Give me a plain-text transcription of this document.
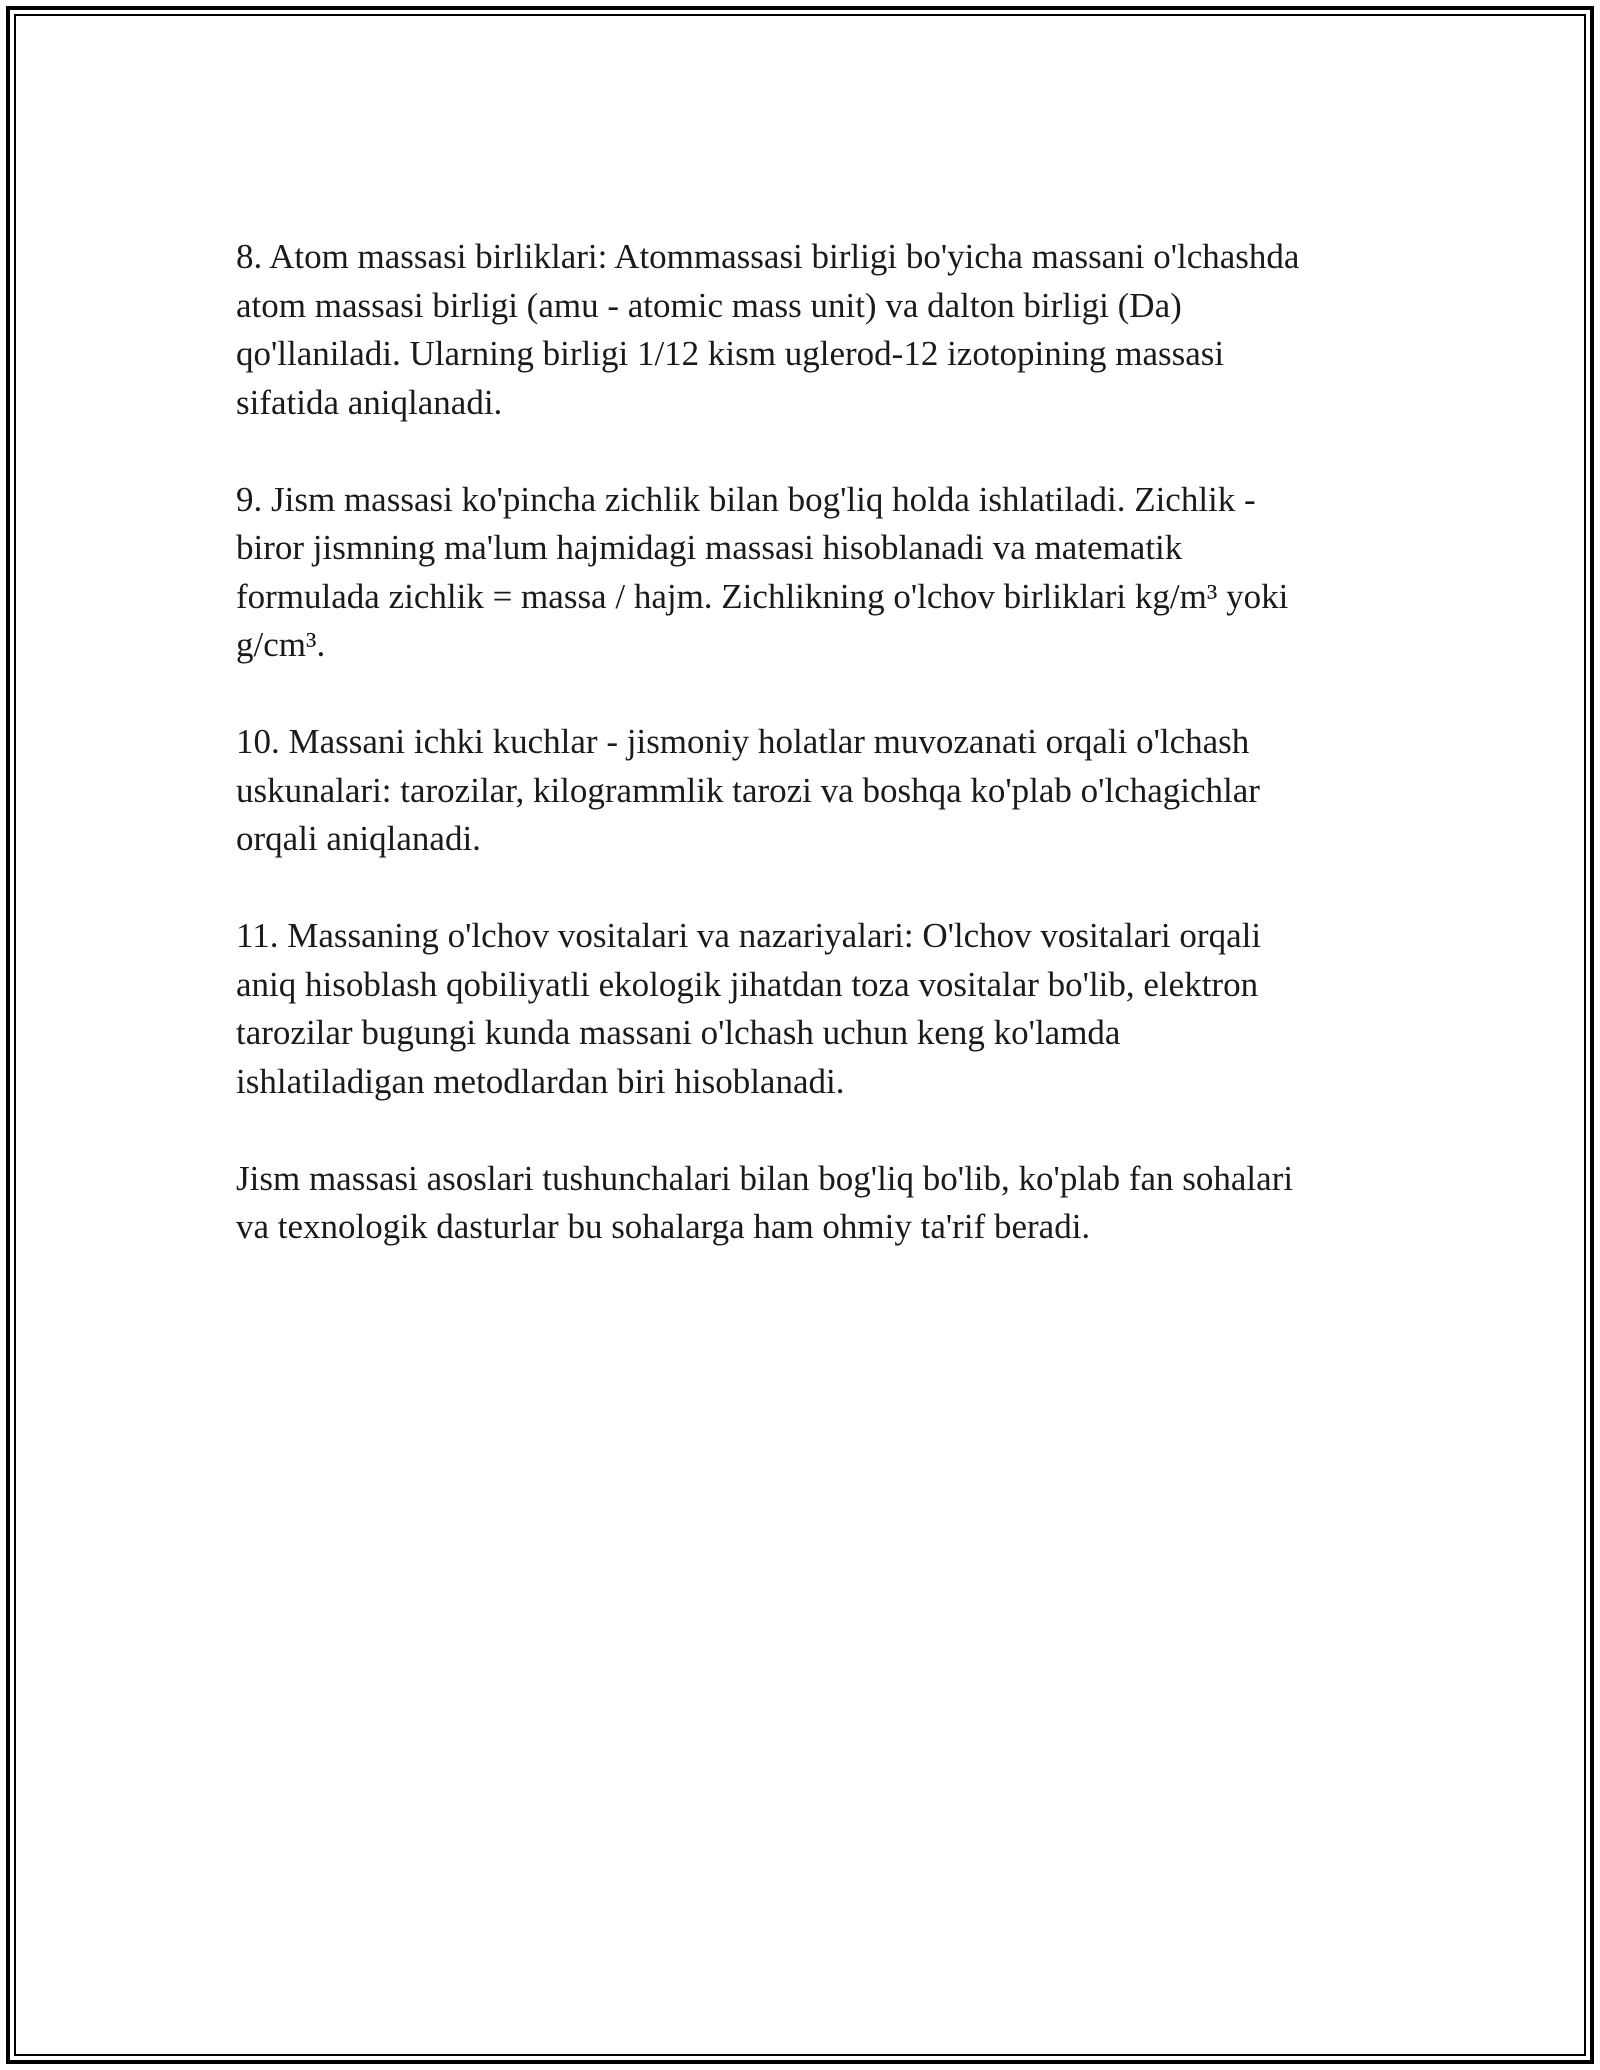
8. Atom massasi birliklari: Atommassasi birligi bo'yicha massani o'lchashda
atom massasi birligi (amu - atomic mass unit) va dalton birligi (Da)
qo'llaniladi. Ularning birligi 1/12 kism uglerod-12 izotopining massasi
sifatida aniqlanadi.
9. Jism massasi ko'pincha zichlik bilan bog'liq holda ishlatiladi. Zichlik -
biror jismning ma'lum hajmidagi massasi hisoblanadi va matematik
formulada zichlik = massa / hajm. Zichlikning o'lchov birliklari kg/m³ yoki
g/cm³.
10. Massani ichki kuchlar - jismoniy holatlar muvozanati orqali o'lchash
uskunalari: tarozilar, kilogrammlik tarozi va boshqa ko'plab o'lchagichlar
orqali aniqlanadi.
11. Massaning o'lchov vositalari va nazariyalari: O'lchov vositalari orqali
aniq hisoblash qobiliyatli ekologik jihatdan toza vositalar bo'lib, elektron
tarozilar bugungi kunda massani o'lchash uchun keng ko'lamda
ishlatiladigan metodlardan biri hisoblanadi.
Jism massasi asoslari tushunchalari bilan bog'liq bo'lib, ko'plab fan sohalari
va texnologik dasturlar bu sohalarga ham ohmiy ta'rif beradi.
